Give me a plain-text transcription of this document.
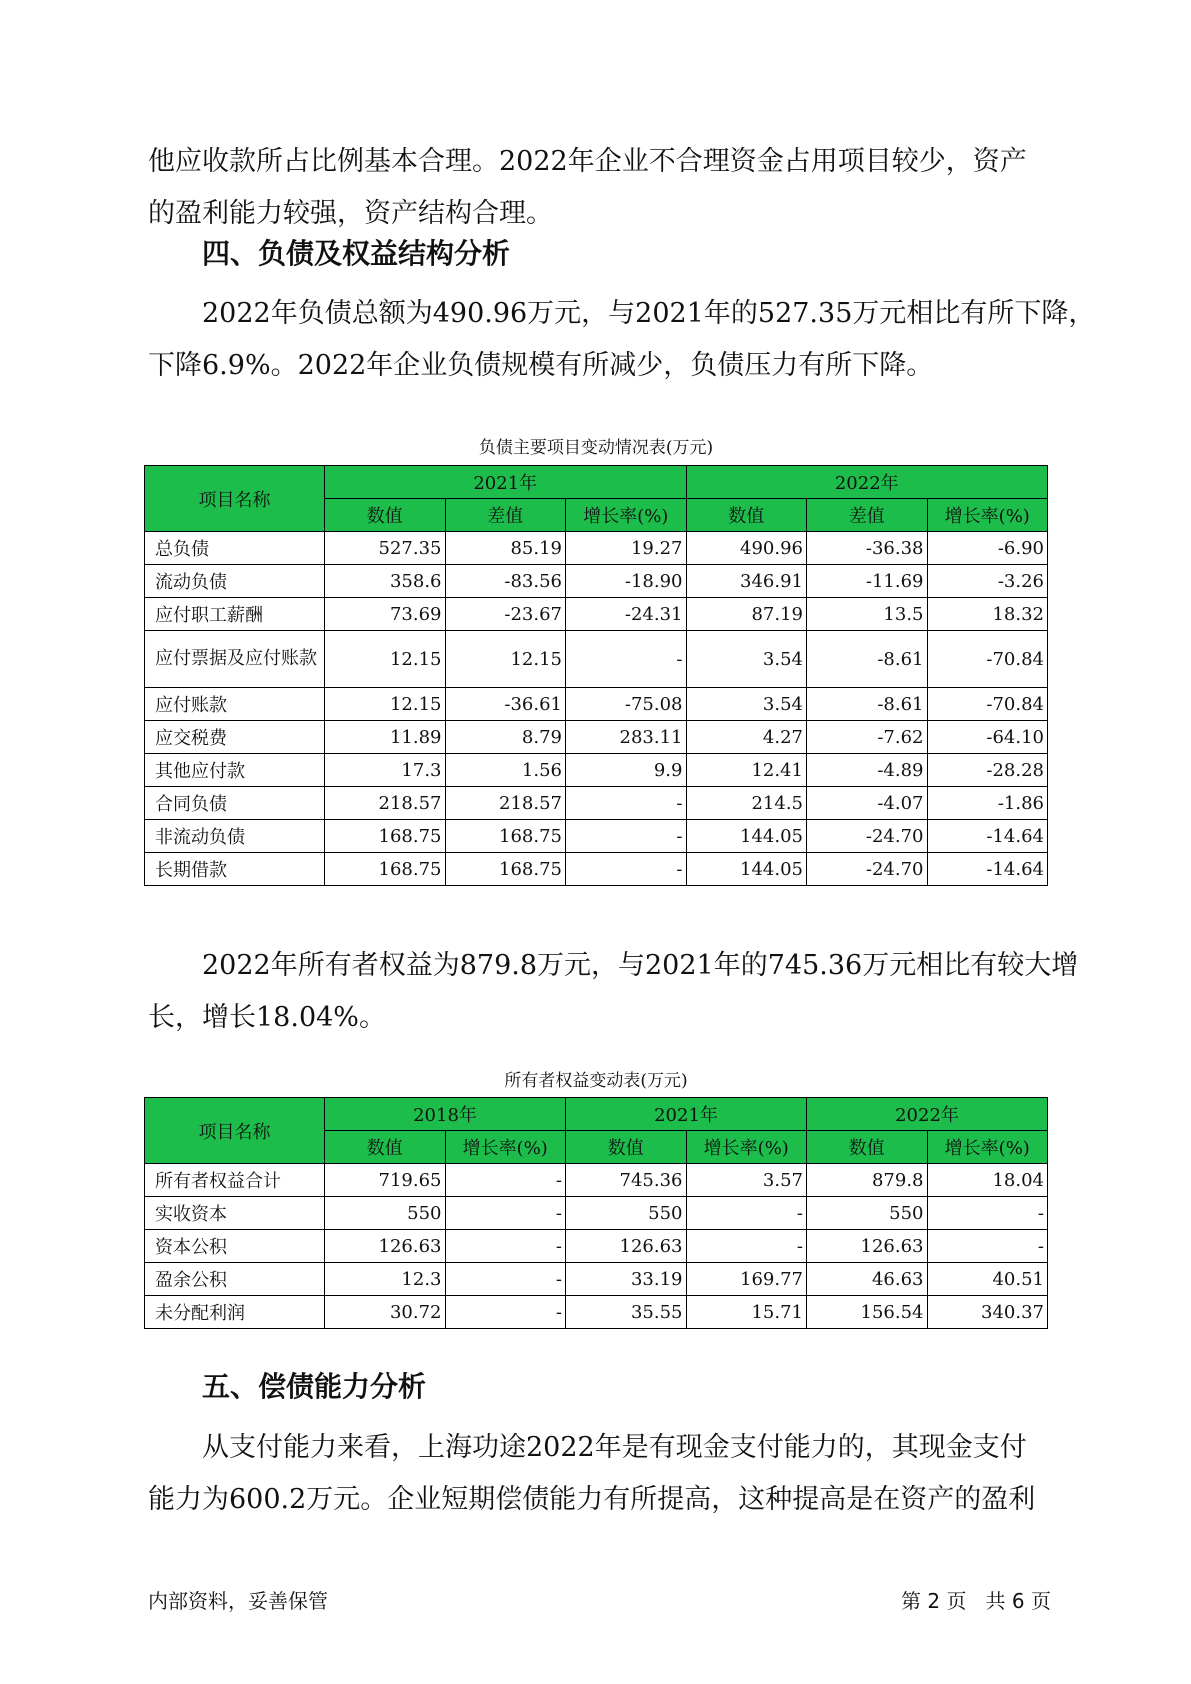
他应收款所占比例基本合理。2022年企业不合理资金占用项目较少，资产
的盈利能力较强，资产结构合理。

四、负债及权益结构分析

2022年负债总额为490.96万元，与2021年的527.35万元相比有所下降，
下降6.9%。2022年企业负债规模有所减少，负债压力有所下降。

负债主要项目变动情况表(万元)

项目名称	2021年			2022年		
	数值	差值	增长率(%)	数值	差值	增长率(%)
总负债	527.35	85.19	19.27	490.96	-36.38	-6.90
流动负债	358.6	-83.56	-18.90	346.91	-11.69	-3.26
应付职工薪酬	73.69	-23.67	-24.31	87.19	13.5	18.32
应付票据及应付账款	12.15	12.15	-	3.54	-8.61	-70.84
应付账款	12.15	-36.61	-75.08	3.54	-8.61	-70.84
应交税费	11.89	8.79	283.11	4.27	-7.62	-64.10
其他应付款	17.3	1.56	9.9	12.41	-4.89	-28.28
合同负债	218.57	218.57	-	214.5	-4.07	-1.86
非流动负债	168.75	168.75	-	144.05	-24.70	-14.64
长期借款	168.75	168.75	-	144.05	-24.70	-14.64

2022年所有者权益为879.8万元，与2021年的745.36万元相比有较大增
长，增长18.04%。

所有者权益变动表(万元)

项目名称	2018年		2021年		2022年	
	数值	增长率(%)	数值	增长率(%)	数值	增长率(%)
所有者权益合计	719.65	-	745.36	3.57	879.8	18.04
实收资本	550	-	550	-	550	-
资本公积	126.63	-	126.63	-	126.63	-
盈余公积	12.3	-	33.19	169.77	46.63	40.51
未分配利润	30.72	-	35.55	15.71	156.54	340.37
五、偿债能力分析

从支付能力来看，上海功途2022年是有现金支付能力的，其现金支付
能力为600.2万元。企业短期偿债能力有所提高，这种提高是在资产的盈利

内部资料，妥善保管	第 2 页   共 6 页
